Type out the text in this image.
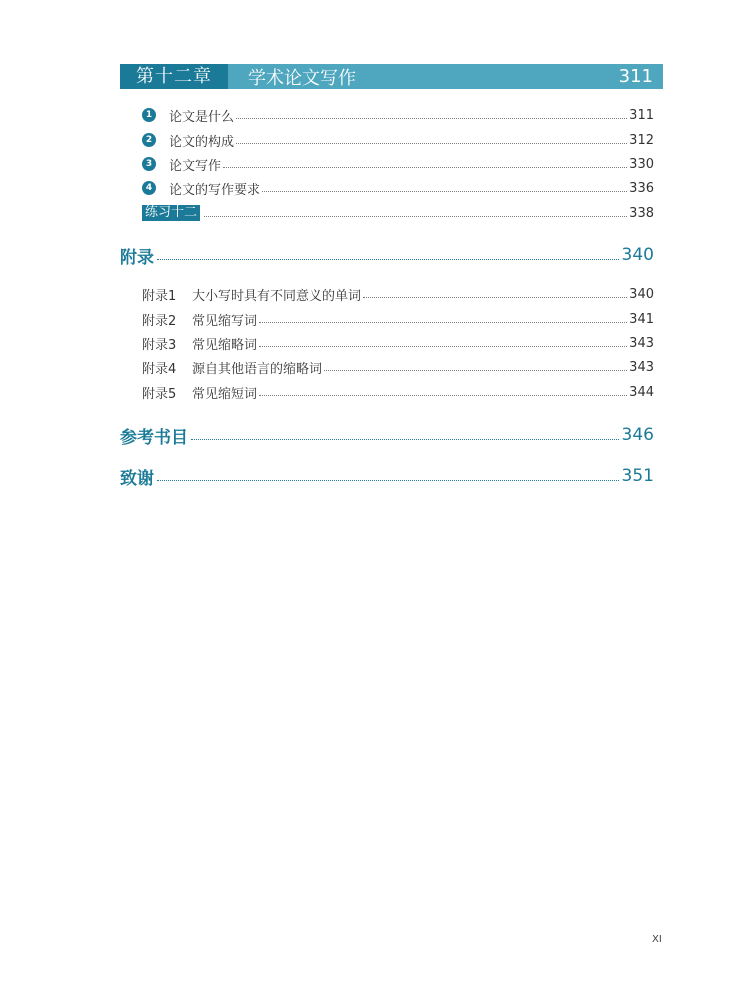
第十二章	学术论文写作	311
1 论文是什么	311
2 论文的构成	312
3 论文写作	330
4 论文的写作要求	336
练习十二	338
附录	340
附录1	大小写时具有不同意义的单词	340
附录2	常见缩写词	341
附录3	常见缩略词	343
附录4	源自其他语言的缩略词	343
附录5	常见缩短词	344
参考书目	346
致谢	351
XI
